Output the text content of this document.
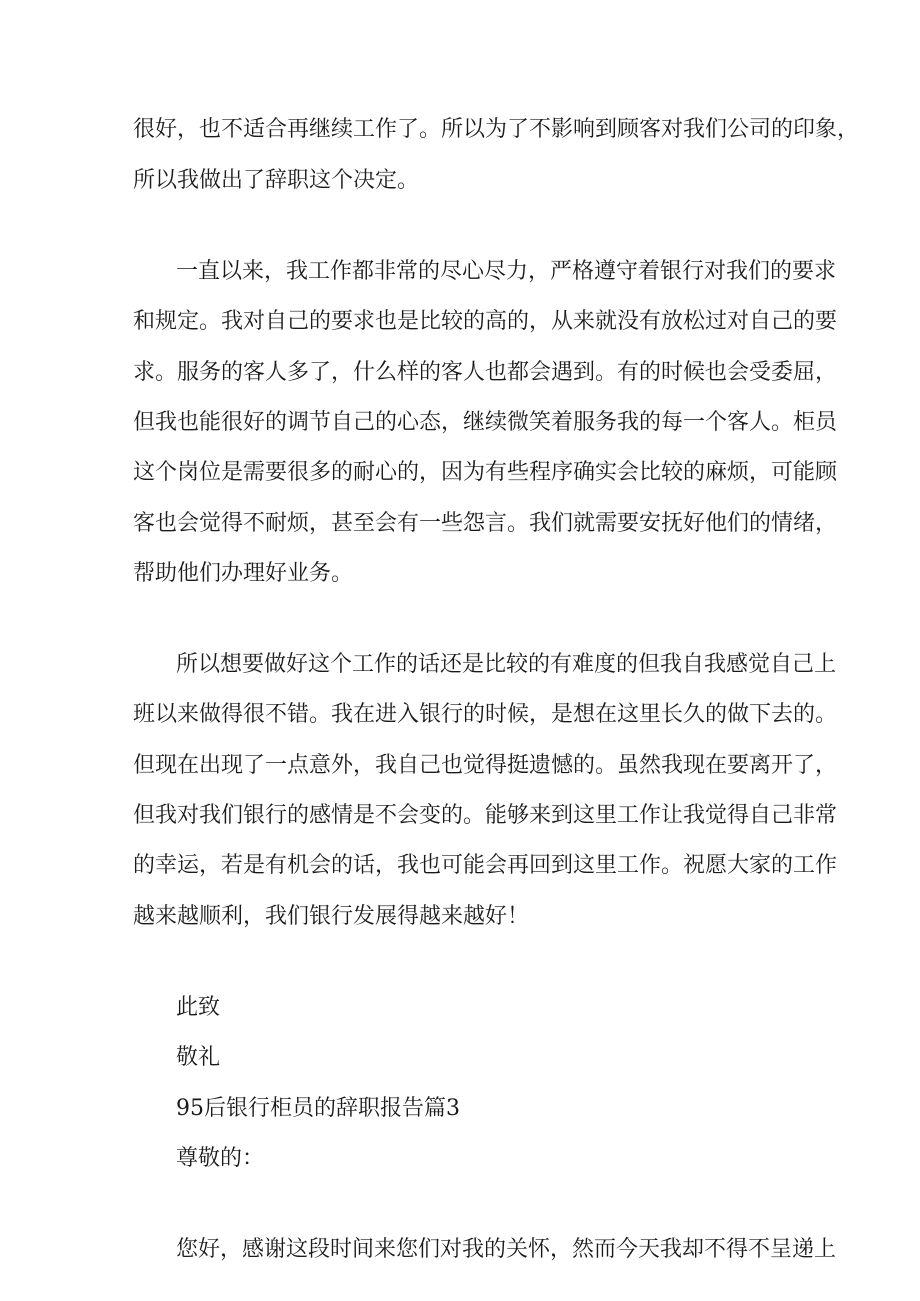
很好，也不适合再继续工作了。所以为了不影响到顾客对我们公司的印象，

所以我做出了辞职这个决定。

一直以来，我工作都非常的尽心尽力，严格遵守着银行对我们的要求

和规定。我对自己的要求也是比较的高的，从来就没有放松过对自己的要

求。服务的客人多了，什么样的客人也都会遇到。有的时候也会受委屈，

但我也能很好的调节自己的心态，继续微笑着服务我的每一个客人。柜员

这个岗位是需要很多的耐心的，因为有些程序确实会比较的麻烦，可能顾

客也会觉得不耐烦，甚至会有一些怨言。我们就需要安抚好他们的情绪，

帮助他们办理好业务。

所以想要做好这个工作的话还是比较的有难度的但我自我感觉自己上

班以来做得很不错。我在进入银行的时候，是想在这里长久的做下去的。

但现在出现了一点意外，我自己也觉得挺遗憾的。虽然我现在要离开了，

但我对我们银行的感情是不会变的。能够来到这里工作让我觉得自己非常

的幸运，若是有机会的话，我也可能会再回到这里工作。祝愿大家的工作

越来越顺利，我们银行发展得越来越好！

此致

敬礼

95后银行柜员的辞职报告篇3

尊敬的：

您好，感谢这段时间来您们对我的关怀，然而今天我却不得不呈递上
